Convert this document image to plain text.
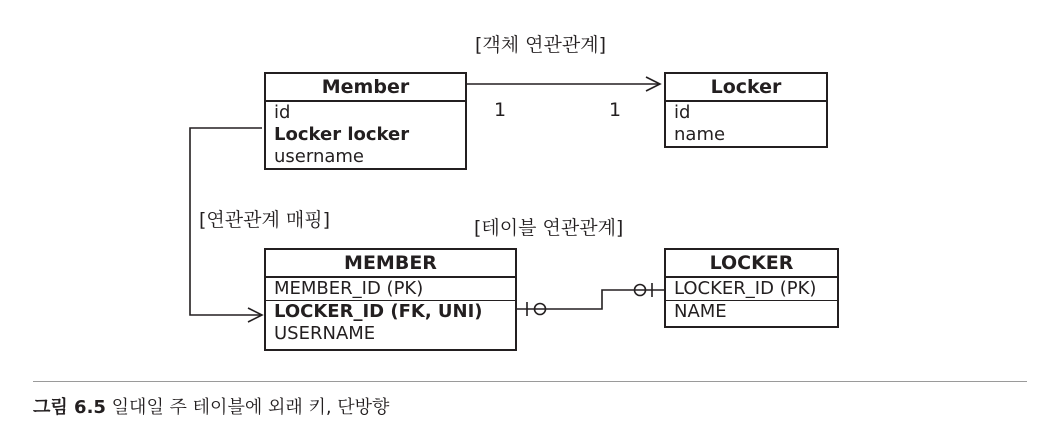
[객체 연관관계]
Member
id
Locker locker
username
1	1
Locker
id
name
[연관관계 매핑]	[테이블 연관관계]
MEMBER
MEMBER_ID (PK)
LOCKER_ID (FK, UNI)
USERNAME
LOCKER
LOCKER_ID (PK)
NAME
그림 6.5 일대일 주 테이블에 외래 키, 단방향
